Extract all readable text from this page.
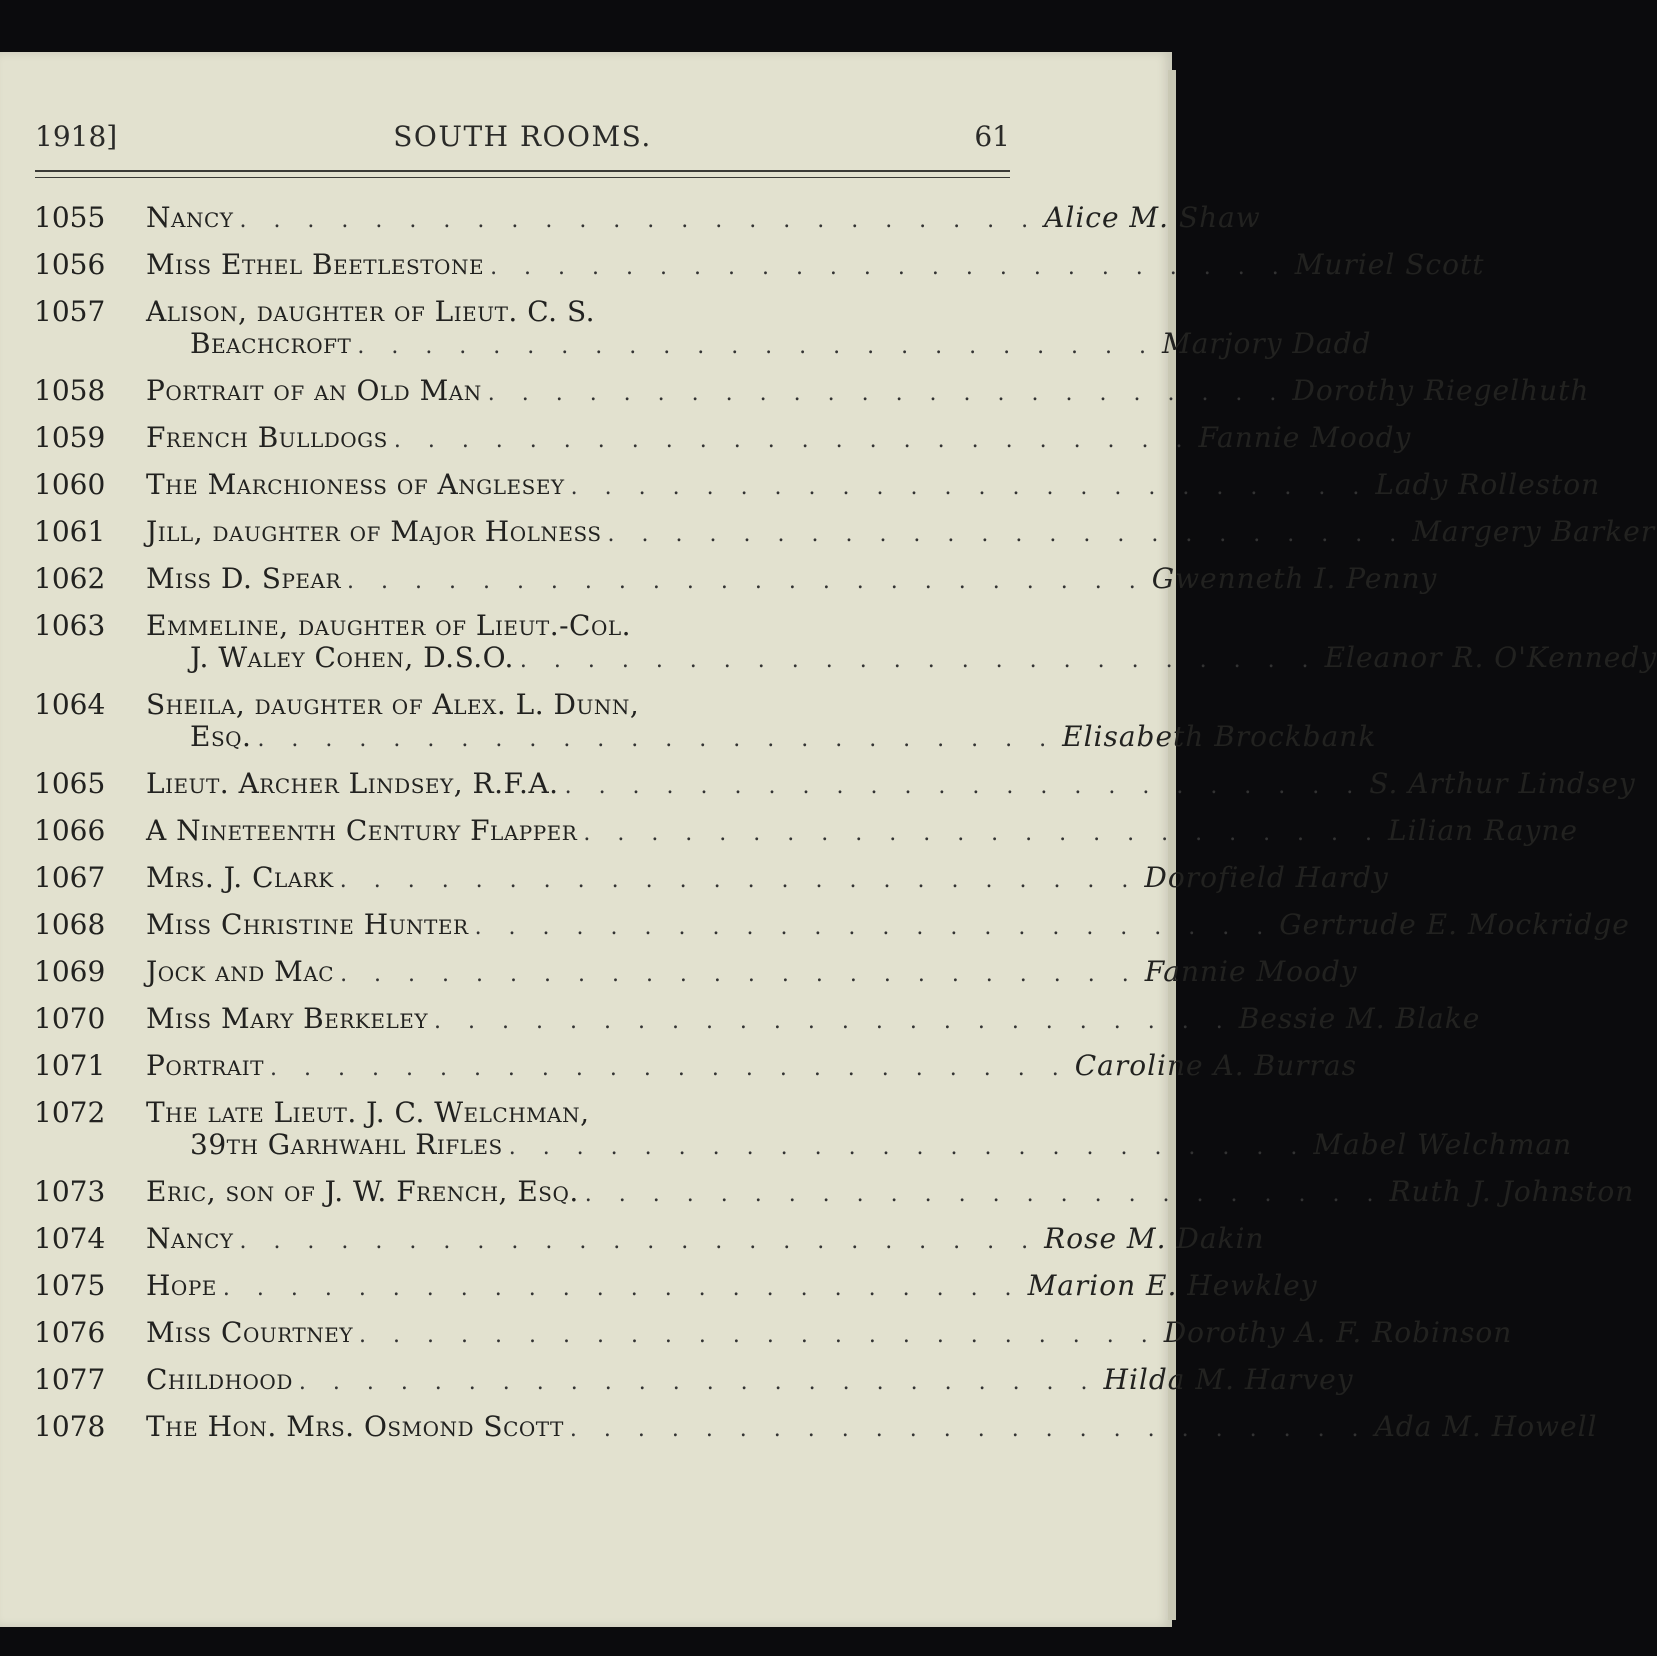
1918]	SOUTH ROOMS.	61
1055	Nancy . . . . . . . . . . . . . . . . . . . . . . . . Alice M. Shaw
1056	Miss Ethel Beetlestone . . . . . . . . . . . . . . . . . . . . . . . . Muriel Scott
1057	Alison, daughter of Lieut. C. S.
Beachcroft . . . . . . . . . . . . . . . . . . . . . . . . Marjory Dadd
1058	Portrait of an Old Man . . . . . . . . . . . . . . . . . . . . . . . . Dorothy Riegelhuth
1059	French Bulldogs . . . . . . . . . . . . . . . . . . . . . . . . Fannie Moody
1060	The Marchioness of Anglesey . . . . . . . . . . . . . . . . . . . . . . . . Lady Rolleston
1061	Jill, daughter of Major Holness . . . . . . . . . . . . . . . . . . . . . . . . Margery Barker
1062	Miss D. Spear . . . . . . . . . . . . . . . . . . . . . . . . Gwenneth I. Penny
1063	Emmeline, daughter of Lieut.-Col.
J. Waley Cohen, D.S.O. . . . . . . . . . . . . . . . . . . . . . . . . Eleanor R. O'Kennedy
1064	Sheila, daughter of Alex. L. Dunn,
Esq. . . . . . . . . . . . . . . . . . . . . . . . . Elisabeth Brockbank
1065	Lieut. Archer Lindsey, R.F.A. . . . . . . . . . . . . . . . . . . . . . . . . S. Arthur Lindsey
1066	A Nineteenth Century Flapper . . . . . . . . . . . . . . . . . . . . . . . . Lilian Rayne
1067	Mrs. J. Clark . . . . . . . . . . . . . . . . . . . . . . . . Dorofield Hardy
1068	Miss Christine Hunter . . . . . . . . . . . . . . . . . . . . . . . . Gertrude E. Mockridge
1069	Jock and Mac . . . . . . . . . . . . . . . . . . . . . . . . Fannie Moody
1070	Miss Mary Berkeley . . . . . . . . . . . . . . . . . . . . . . . . Bessie M. Blake
1071	Portrait . . . . . . . . . . . . . . . . . . . . . . . . Caroline A. Burras
1072	The late Lieut. J. C. Welchman,
39th Garhwahl Rifles . . . . . . . . . . . . . . . . . . . . . . . . Mabel Welchman
1073	Eric, son of J. W. French, Esq. . . . . . . . . . . . . . . . . . . . . . . . . Ruth J. Johnston
1074	Nancy . . . . . . . . . . . . . . . . . . . . . . . . Rose M. Dakin
1075	Hope . . . . . . . . . . . . . . . . . . . . . . . . Marion E. Hewkley
1076	Miss Courtney . . . . . . . . . . . . . . . . . . . . . . . . Dorothy A. F. Robinson
1077	Childhood . . . . . . . . . . . . . . . . . . . . . . . . Hilda M. Harvey
1078	The Hon. Mrs. Osmond Scott . . . . . . . . . . . . . . . . . . . . . . . . Ada M. Howell
